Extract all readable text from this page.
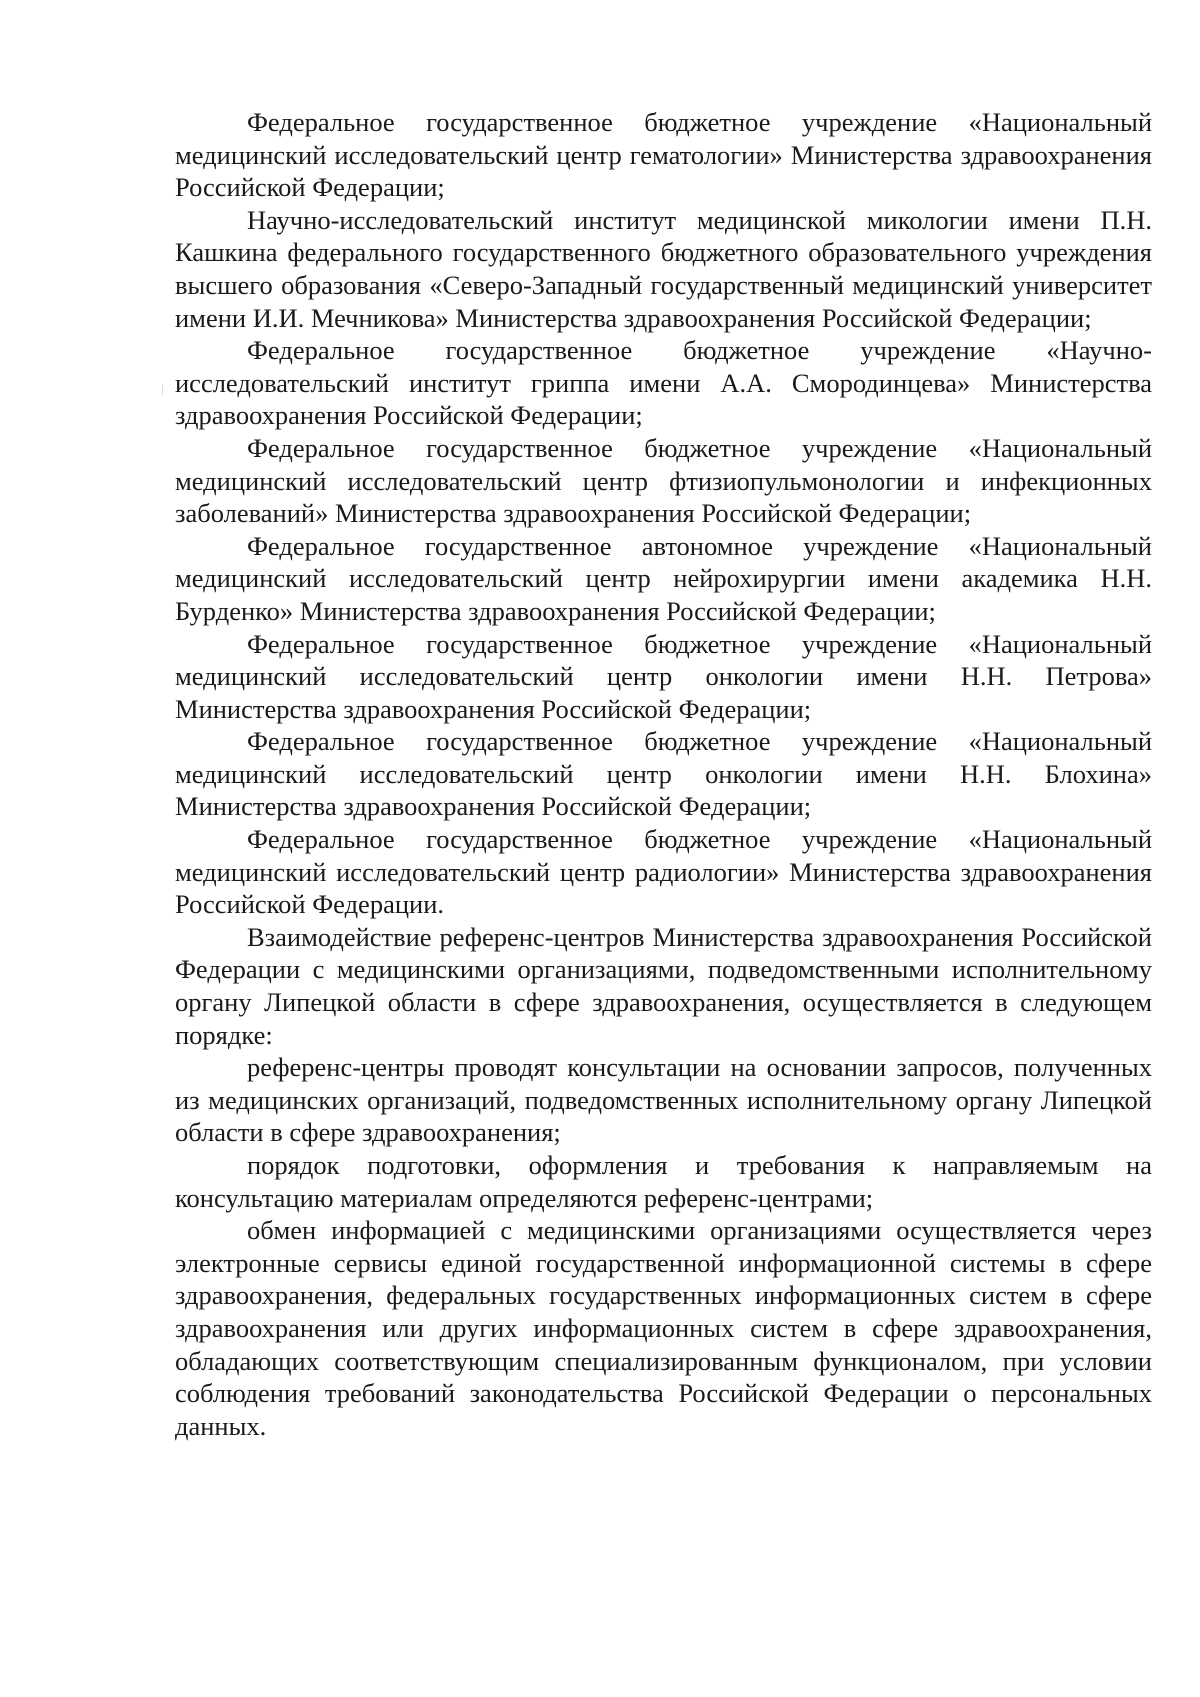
Федеральное государственное бюджетное учреждение «Национальный медицинский исследовательский центр гематологии» Министерства здравоохранения Российской Федерации;

Научно-исследовательский институт медицинской микологии имени П.Н. Кашкина федерального государственного бюджетного образовательного учреждения высшего образования «Северо-Западный государственный медицинский университет имени И.И. Мечникова» Министерства здравоохранения Российской Федерации;

Федеральное государственное бюджетное учреждение «Научно-исследовательский институт гриппа имени А.А. Смородинцева» Министерства здравоохранения Российской Федерации;

Федеральное государственное бюджетное учреждение «Национальный медицинский исследовательский центр фтизиопульмонологии и инфекционных заболеваний» Министерства здравоохранения Российской Федерации;

Федеральное государственное автономное учреждение «Национальный медицинский исследовательский центр нейрохирургии имени академика Н.Н. Бурденко» Министерства здравоохранения Российской Федерации;

Федеральное государственное бюджетное учреждение «Национальный медицинский исследовательский центр онкологии имени Н.Н. Петрова» Министерства здравоохранения Российской Федерации;

Федеральное государственное бюджетное учреждение «Национальный медицинский исследовательский центр онкологии имени Н.Н. Блохина» Министерства здравоохранения Российской Федерации;

Федеральное государственное бюджетное учреждение «Национальный медицинский исследовательский центр радиологии» Министерства здравоохранения Российской Федерации.

Взаимодействие референс-центров Министерства здравоохранения Российской Федерации с медицинскими организациями, подведомственными исполнительному органу Липецкой области в сфере здравоохранения, осуществляется в следующем порядке:

референс-центры проводят консультации на основании запросов, полученных из медицинских организаций, подведомственных исполнительному органу Липецкой области в сфере здравоохранения;

порядок подготовки, оформления и требования к направляемым на консультацию материалам определяются референс-центрами;

обмен информацией с медицинскими организациями осуществляется через электронные сервисы единой государственной информационной системы в сфере здравоохранения, федеральных государственных информационных систем в сфере здравоохранения или других информационных систем в сфере здравоохранения, обладающих соответствующим специализированным функционалом, при условии соблюдения требований законодательства Российской Федерации о персональных данных.
